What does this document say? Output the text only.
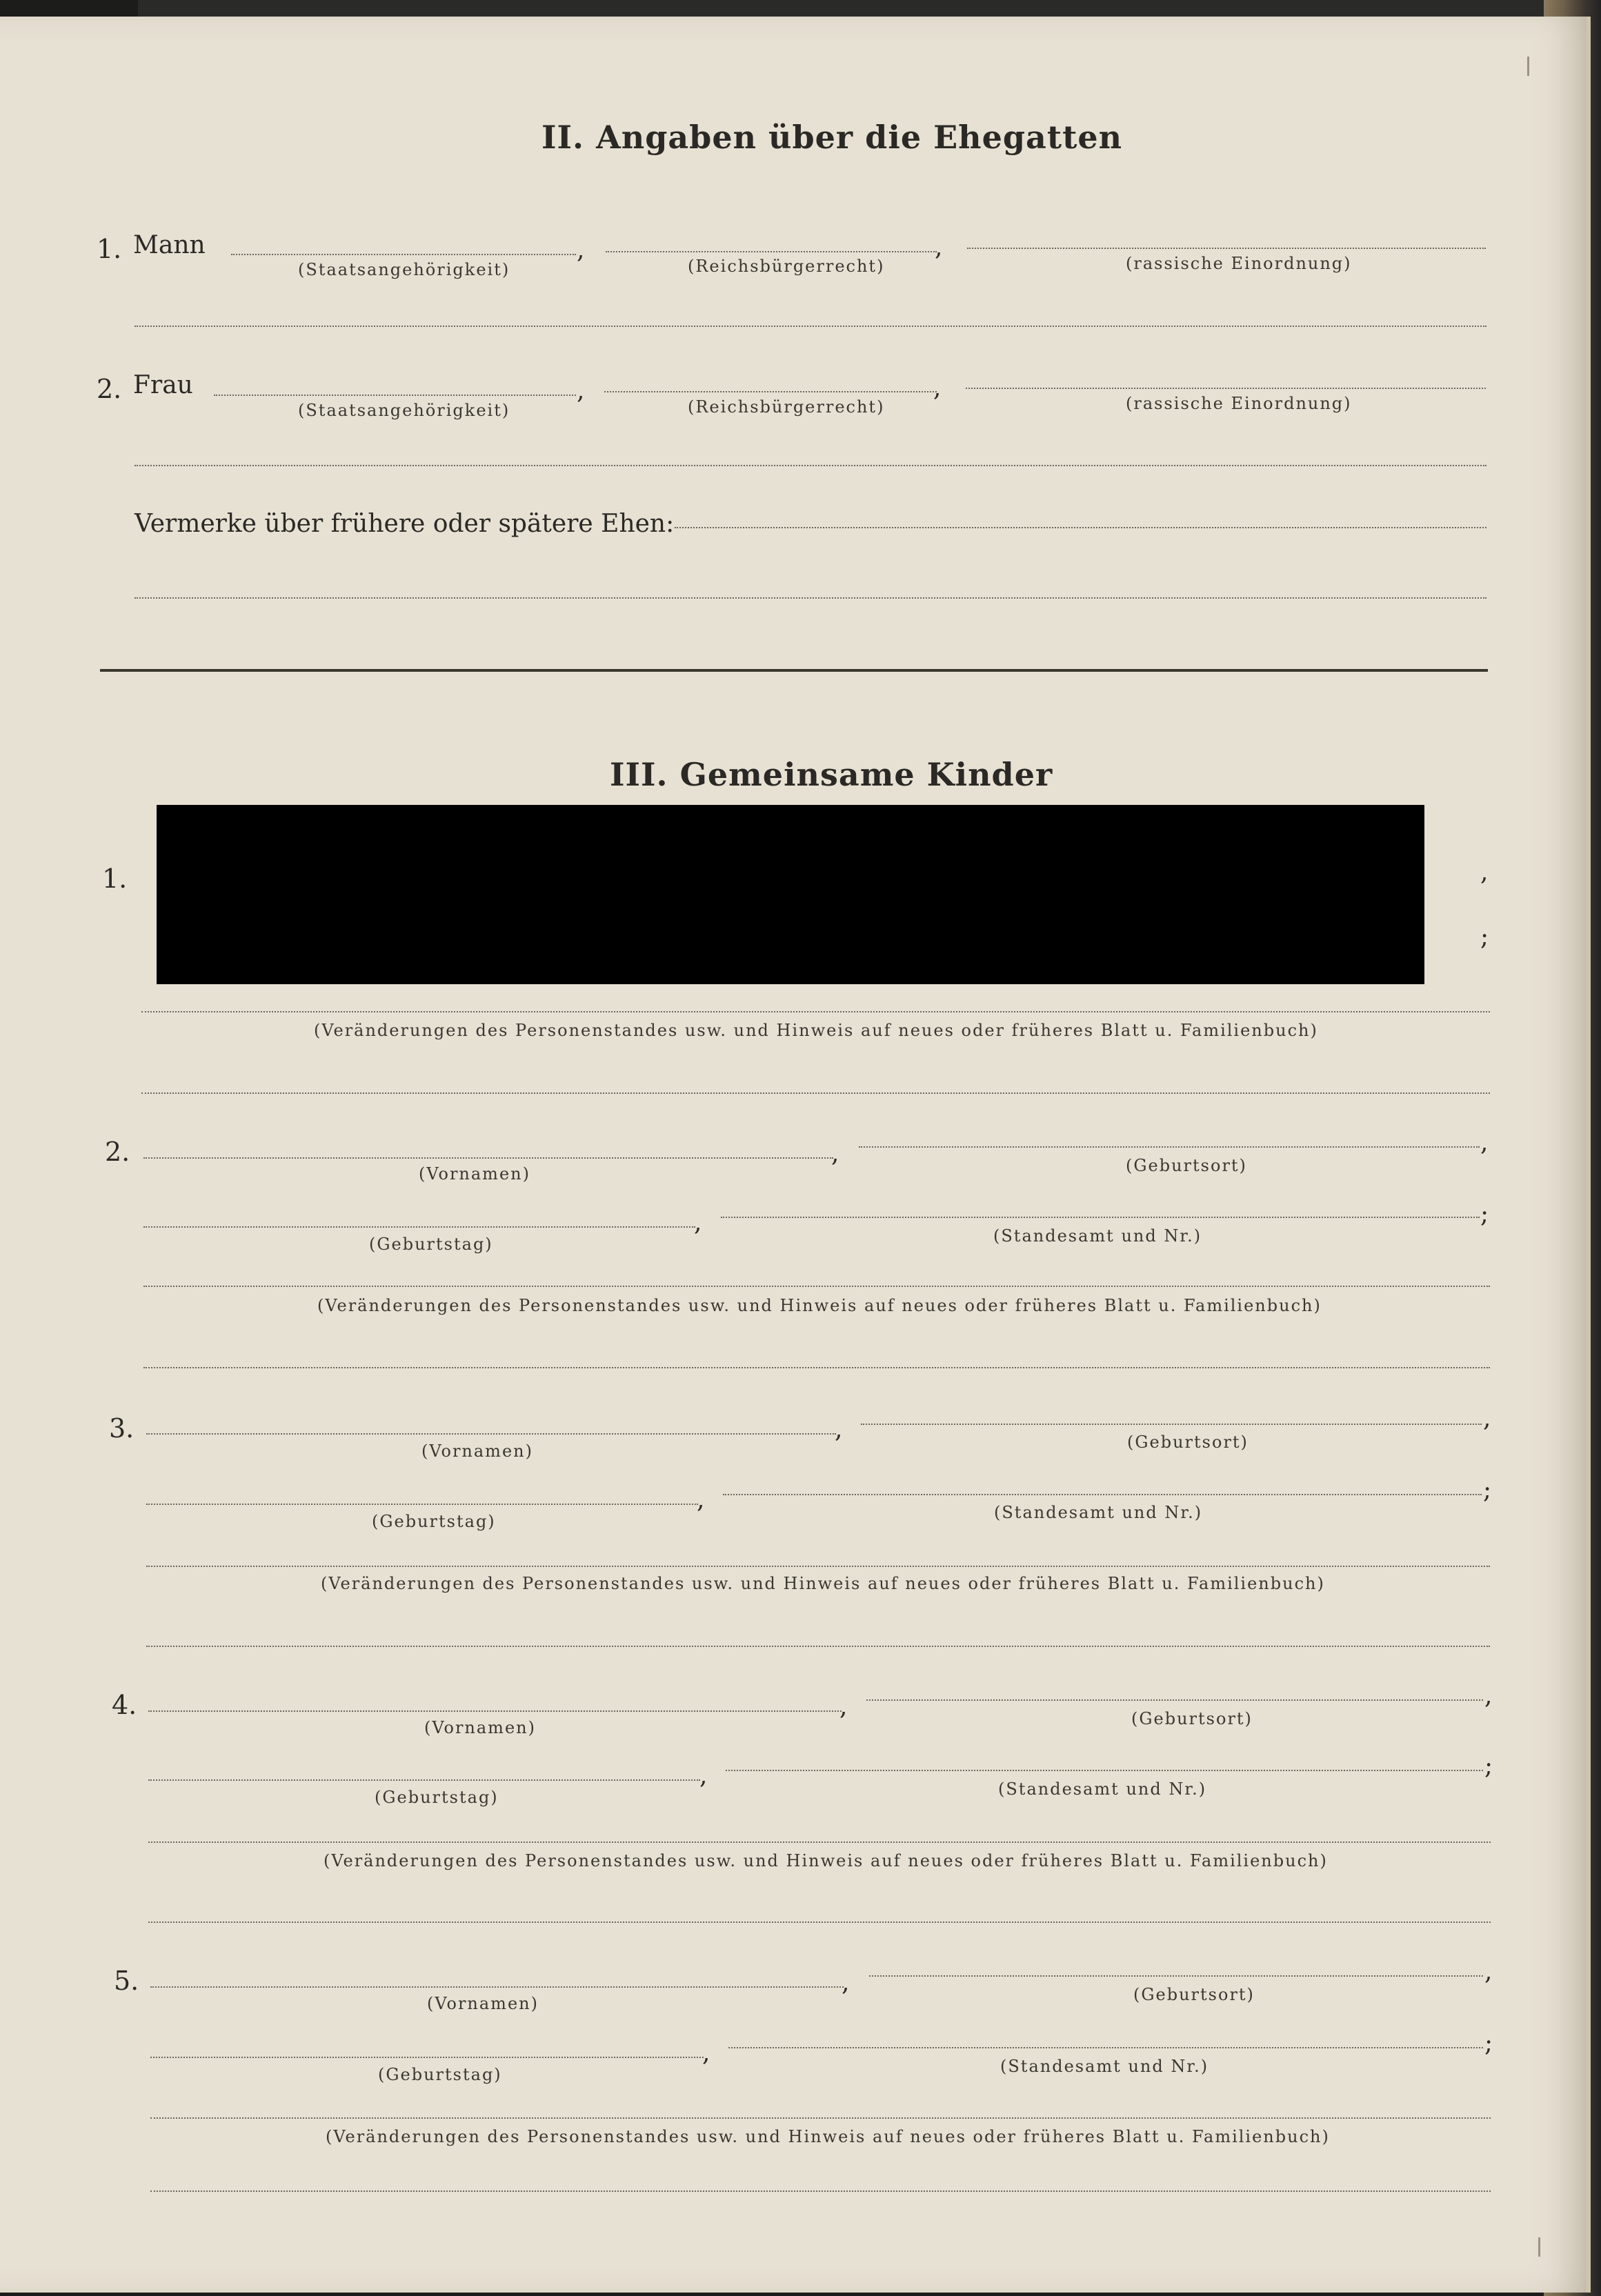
II. Angaben über die Ehegatten
1. Mann	,	,
(Staatsangehörigkeit)	(Reichsbürgerrecht)	(rassische Einordnung)
2. Frau	,	,
(Staatsangehörigkeit)	(Reichsbürgerrecht)	(rassische Einordnung)
Vermerke über frühere oder spätere Ehen:
III. Gemeinsame Kinder
1.	,
;
(Veränderungen des Personenstandes usw. und Hinweis auf neues oder früheres Blatt u. Familienbuch)
2.	,	,
(Vornamen)	(Geburtsort)
,	;
(Geburtstag)	(Standesamt und Nr.)
(Veränderungen des Personenstandes usw. und Hinweis auf neues oder früheres Blatt u. Familienbuch)
3.	,	,
(Vornamen)	(Geburtsort)
,	;
(Geburtstag)	(Standesamt und Nr.)
(Veränderungen des Personenstandes usw. und Hinweis auf neues oder früheres Blatt u. Familienbuch)
4.	,	,
(Vornamen)	(Geburtsort)
,	;
(Geburtstag)	(Standesamt und Nr.)
(Veränderungen des Personenstandes usw. und Hinweis auf neues oder früheres Blatt u. Familienbuch)
5.	,	,
(Vornamen)	(Geburtsort)
,	;
(Geburtstag)	(Standesamt und Nr.)
(Veränderungen des Personenstandes usw. und Hinweis auf neues oder früheres Blatt u. Familienbuch)
